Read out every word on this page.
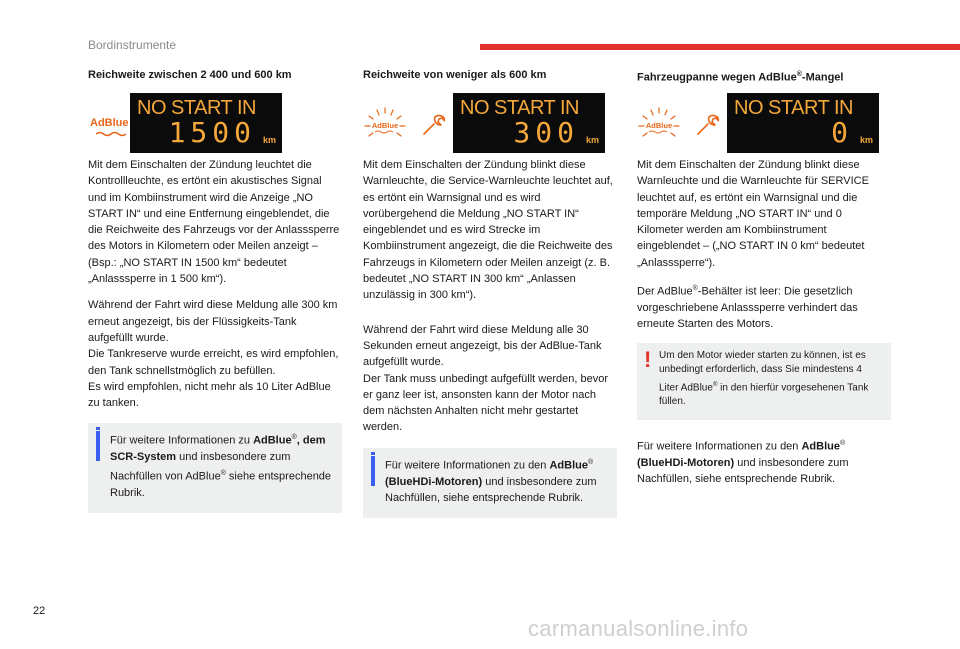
Bordinstrumente
Reichweite zwischen 2 400 und 600 km
AdBlue
NO START IN
1500 km

Mit dem Einschalten der Zündung leuchtet die Kontrollleuchte, es ertönt ein akustisches Signal und im Kombiinstrument wird die Anzeige „NO START IN“ und eine Entfernung eingeblendet, die die Reichweite des Fahrzeugs vor der Anlasssperre des Motors in Kilometern oder Meilen anzeigt – (Bsp.: „NO START IN 1500 km“ bedeutet „Anlasssperre in 1 500 km“).

Während der Fahrt wird diese Meldung alle 300 km erneut angezeigt, bis der Flüssigkeits-Tank aufgefüllt wurde.
Die Tankreserve wurde erreicht, es wird empfohlen, den Tank schnellstmöglich zu befüllen.
Es wird empfohlen, nicht mehr als 10 Liter AdBlue zu tanken.

Für weitere Informationen zu AdBlue®, dem SCR-System und insbesondere zum Nachfüllen von AdBlue® siehe entsprechende Rubrik.
Reichweite von weniger als 600 km
AdBlue
NO START IN
300 km

Mit dem Einschalten der Zündung blinkt diese Warnleuchte, die Service-Warnleuchte leuchtet auf, es ertönt ein Warnsignal und es wird vorübergehend die Meldung „NO START IN“ eingeblendet und es wird Strecke im Kombiinstrument angezeigt, die die Reichweite des Fahrzeugs in Kilometern oder Meilen anzeigt (z. B. bedeutet „NO START IN 300 km“ „Anlassen unzulässig in 300 km“).

Während der Fahrt wird diese Meldung alle 30 Sekunden erneut angezeigt, bis der AdBlue-Tank aufgefüllt wurde.
Der Tank muss unbedingt aufgefüllt werden, bevor er ganz leer ist, ansonsten kann der Motor nach dem nächsten Anhalten nicht mehr gestartet werden.

Für weitere Informationen zu den AdBlue® (BlueHDi-Motoren) und insbesondere zum Nachfüllen, siehe entsprechende Rubrik.
Fahrzeugpanne wegen AdBlue®-Mangel
AdBlue
NO START IN
0 km

Mit dem Einschalten der Zündung blinkt diese Warnleuchte und die Warnleuchte für SERVICE leuchtet auf, es ertönt ein Warnsignal und die temporäre Meldung „NO START IN“ und 0 Kilometer werden am Kombiinstrument eingeblendet – („NO START IN 0 km“ bedeutet „Anlasssperre“).

Der AdBlue®-Behälter ist leer: Die gesetzlich vorgeschriebene Anlasssperre verhindert das erneute Starten des Motors.

! Um den Motor wieder starten zu können, ist es unbedingt erforderlich, dass Sie mindestens 4 Liter AdBlue® in den hierfür vorgesehenen Tank füllen.

Für weitere Informationen zu den AdBlue® (BlueHDi-Motoren) und insbesondere zum Nachfüllen, siehe entsprechende Rubrik.

22
carmanualsonline.info
